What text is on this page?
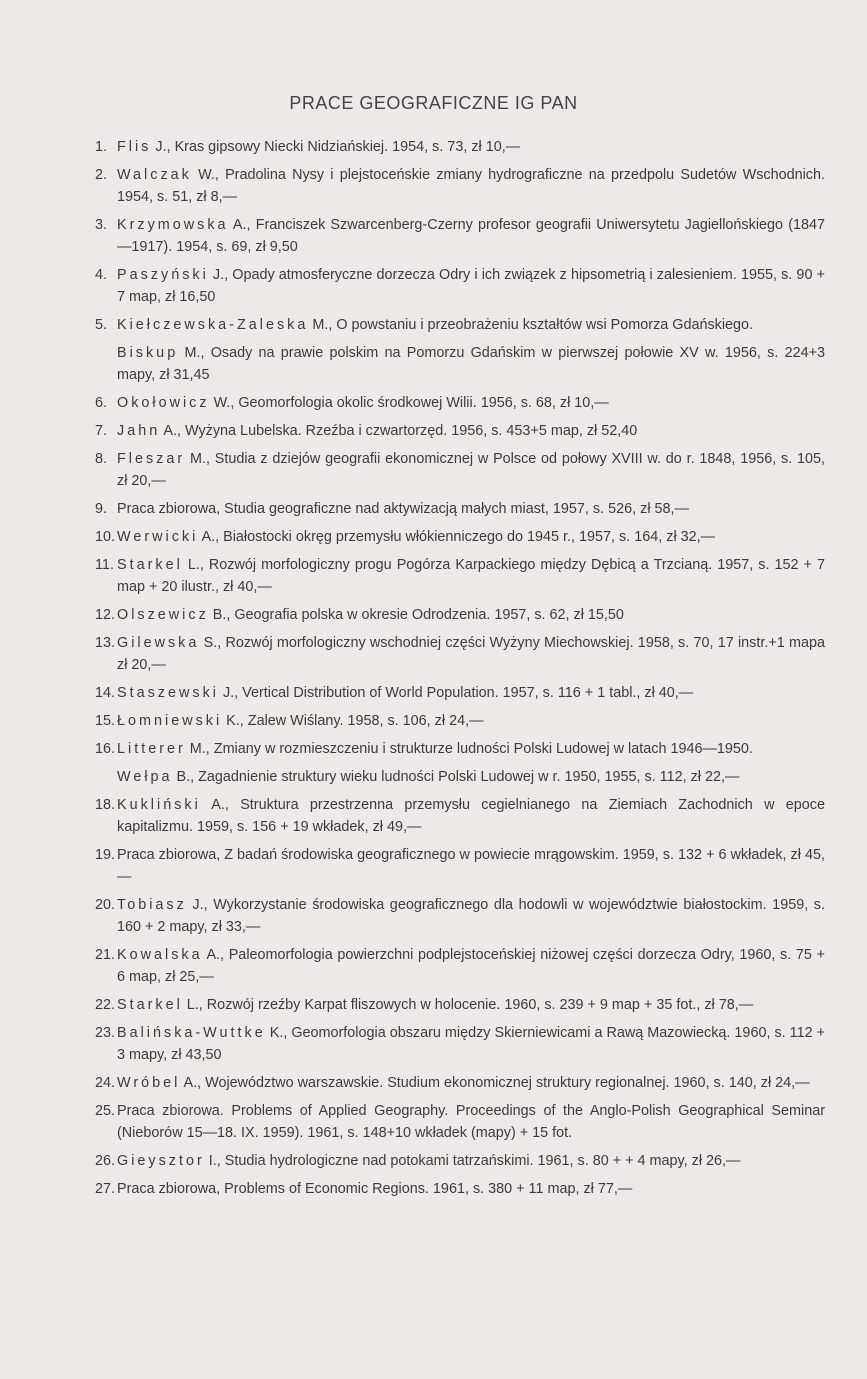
PRACE GEOGRAFICZNE IG PAN
1. Flis J., Kras gipsowy Niecki Nidziańskiej. 1954, s. 73, zł 10,—
2. Walczak W., Pradolina Nysy i plejstoceńskie zmiany hydrograficzne na przedpolu Sudetów Wschodnich. 1954, s. 51, zł 8,—
3. Krzymowska A., Franciszek Szwarcenberg-Czerny profesor geografii Uniwersytetu Jagiellońskiego (1847—1917). 1954, s. 69, zł 9,50
4. Paszyński J., Opady atmosferyczne dorzecza Odry i ich związek z hipsometrią i zalesieniem. 1955, s. 90 + 7 map, zł 16,50
5. Kiełczewska-Zaleska M., O powstaniu i przeobrażeniu kształtów wsi Pomorza Gdańskiego.
Biskup M., Osady na prawie polskim na Pomorzu Gdańskim w pierwszej połowie XV w. 1956, s. 224+3 mapy, zł 31,45
6. Okołowicz W., Geomorfologia okolic środkowej Wilii. 1956, s. 68, zł 10,—
7. Jahn A., Wyżyna Lubelska. Rzeźba i czwartorzęd. 1956, s. 453+5 map, zł 52,40
8. Fleszar M., Studia z dziejów geografii ekonomicznej w Polsce od połowy XVIII w. do r. 1848, 1956, s. 105, zł 20,—
9. Praca zbiorowa, Studia geograficzne nad aktywizacją małych miast, 1957, s. 526, zł 58,—
10. Werwicki A., Białostocki okręg przemysłu włókienniczego do 1945 r., 1957, s. 164, zł 32,—
11. Starkel L., Rozwój morfologiczny progu Pogórza Karpackiego między Dębicą a Trzcianą. 1957, s. 152 + 7 map + 20 ilustr., zł 40,—
12. Olszewicz B., Geografia polska w okresie Odrodzenia. 1957, s. 62, zł 15,50
13. Gilewska S., Rozwój morfologiczny wschodniej części Wyżyny Miechowskiej. 1958, s. 70, 17 instr.+1 mapa zł 20,—
14. Staszewski J., Vertical Distribution of World Population. 1957, s. 116 + 1 tabl., zł 40,—
15. Łomniewski K., Zalew Wiślany. 1958, s. 106, zł 24,—
16. Litterer M., Zmiany w rozmieszczeniu i strukturze ludności Polski Ludowej w latach 1946—1950.
Wełpa B., Zagadnienie struktury wieku ludności Polski Ludowej w r. 1950, 1955, s. 112, zł 22,—
18. Kukliński A., Struktura przestrzenna przemysłu cegielnianego na Ziemiach Zachodnich w epoce kapitalizmu. 1959, s. 156 + 19 wkładek, zł 49,—
19. Praca zbiorowa, Z badań środowiska geograficznego w powiecie mrągowskim. 1959, s. 132 + 6 wkładek, zł 45,—
20. Tobiasz J., Wykorzystanie środowiska geograficznego dla hodowli w województwie białostockim. 1959, s. 160 + 2 mapy, zł 33,—
21. Kowalska A., Paleomorfologia powierzchni podplejstoceńskiej niżowej części dorzecza Odry, 1960, s. 75 + 6 map, zł 25,—
22. Starkel L., Rozwój rzeźby Karpat fliszowych w holocenie. 1960, s. 239 + 9 map + 35 fot., zł 78,—
23. Balińska-Wuttke K., Geomorfologia obszaru między Skierniewicami a Rawą Mazowiecką. 1960, s. 112 + 3 mapy, zł 43,50
24. Wróbel A., Województwo warszawskie. Studium ekonomicznej struktury regionalnej. 1960, s. 140, zł 24,—
25. Praca zbiorowa. Problems of Applied Geography. Proceedings of the Anglo-Polish Geographical Seminar (Nieborów 15—18. IX. 1959). 1961, s. 148+10 wkładek (mapy) + 15 fot.
26. Gieysztor I., Studia hydrologiczne nad potokami tatrzańskimi. 1961, s. 80 + + 4 mapy, zł 26,—
27. Praca zbiorowa, Problems of Economic Regions. 1961, s. 380 + 11 map, zł 77,—
